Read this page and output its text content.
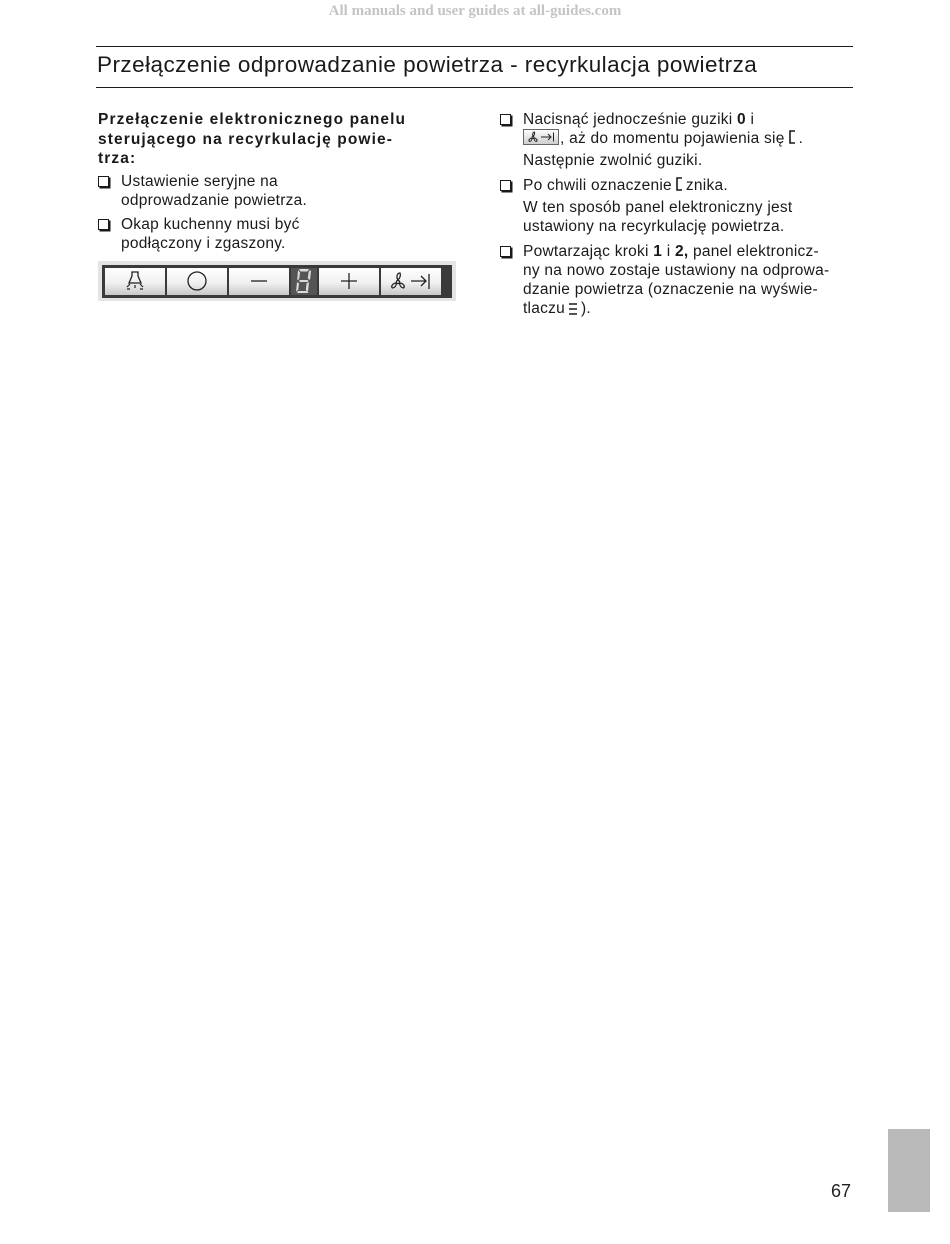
All manuals and user guides at all-guides.com
Przełączenie odprowadzanie powietrza - recyrkulacja powietrza
Przełączenie elektronicznego panelu
sterującego na recyrkulację powie-
trza:
Ustawienie seryjne na
odprowadzanie powietrza.
Okap kuchenny musi być
podłączony i zgaszony.
Nacisnąć jednocześnie guziki 0 i

, aż do momentu pojawienia się .
Następnie zwolnić guziki.
Po chwili oznaczenie znika.
W ten sposób panel elektroniczny jest
ustawiony na recyrkulację powietrza.
Powtarzając kroki 1 i 2, panel elektronicz-
ny na nowo zostaje ustawiony na odprowa-
dzanie powietrza (oznaczenie na wyświe-
tlaczu ).
67
